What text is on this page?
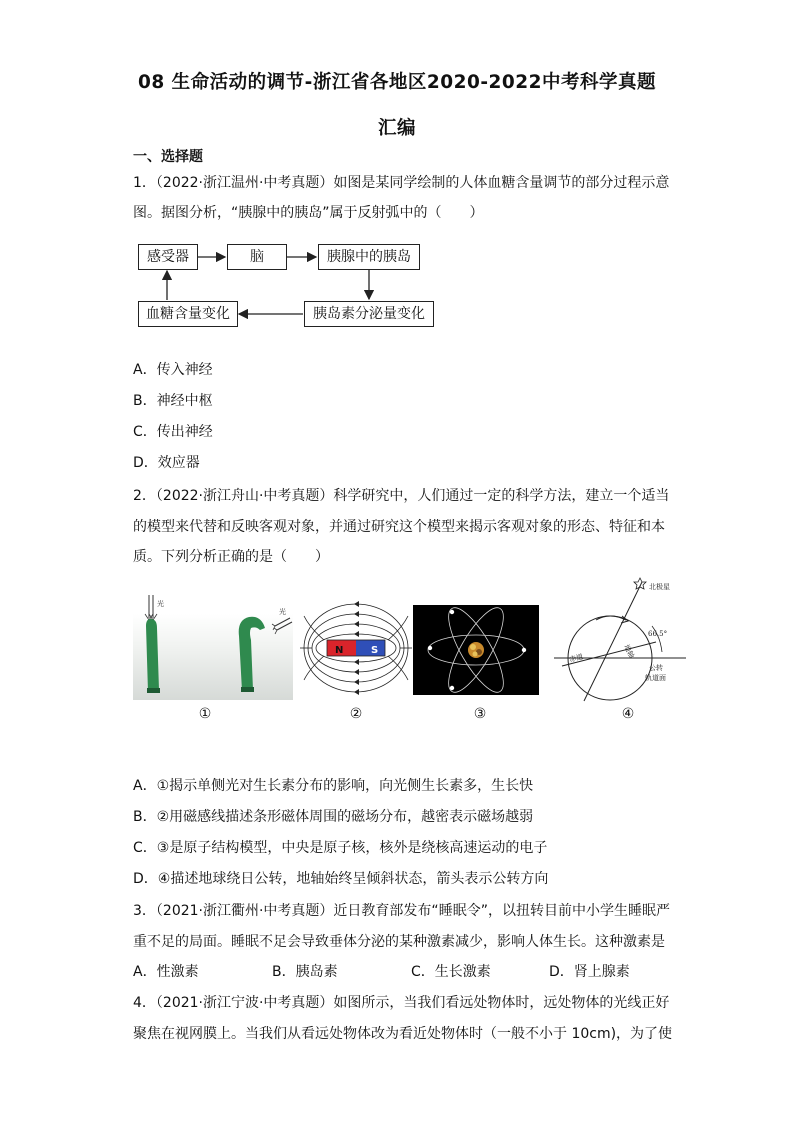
08 生命活动的调节-浙江省各地区2020-2022中考科学真题
汇编
一、选择题
1．（2022·浙江温州·中考真题）如图是某同学绘制的人体血糖含量调节的部分过程示意
图。据图分析，“胰腺中的胰岛”属于反射弧中的（　　）
感受器	脑	胰腺中的胰岛
胰岛素分泌量变化
血糖含量变化
A．传入神经
B．神经中枢
C．传出神经
D．效应器
2．（2022·浙江舟山·中考真题）科学研究中，人们通过一定的科学方法，建立一个适当
的模型来代替和反映客观对象，并通过研究这个模型来揭示客观对象的形态、特征和本
质。下列分析正确的是（　　）
光
光
N	S
北极星
66.5°
赤道	地轴
公转
轨道面
①	②	③	④
A．①揭示单侧光对生长素分布的影响，向光侧生长素多，生长快
B．②用磁感线描述条形磁体周围的磁场分布，越密表示磁场越弱
C．③是原子结构模型，中央是原子核，核外是绕核高速运动的电子
D．④描述地球绕日公转，地轴始终呈倾斜状态，箭头表示公转方向
3．（2021·浙江衢州·中考真题）近日教育部发布“睡眠令”，以扭转目前中小学生睡眠严
重不足的局面。睡眠不足会导致垂体分泌的某种激素减少，影响人体生长。这种激素是
A．性激素	B．胰岛素	C．生长激素	D．肾上腺素
4．（2021·浙江宁波·中考真题）如图所示，当我们看远处物体时，远处物体的光线正好
聚焦在视网膜上。当我们从看远处物体改为看近处物体时（一般不小于 10cm)，为了使
